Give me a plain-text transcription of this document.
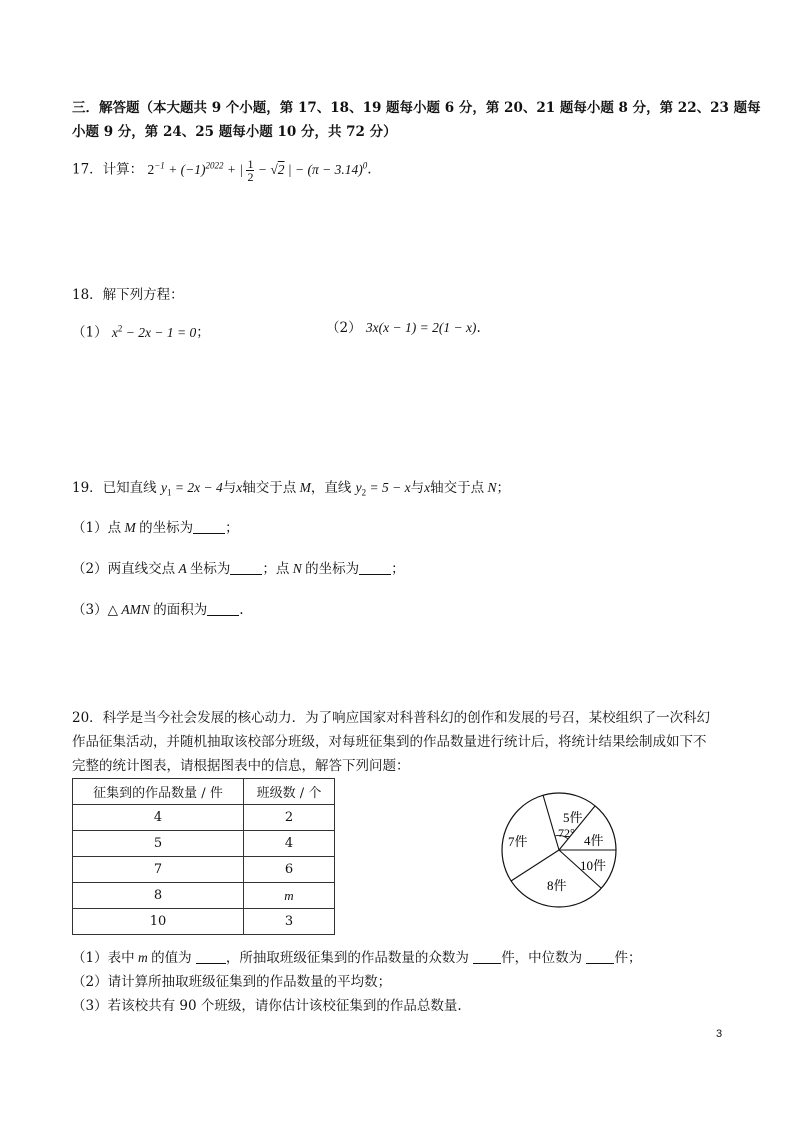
三．解答题（本大题共 9 个小题，第 17、18、19 题每小题 6 分，第 20、21 题每小题 8 分，第 22、23 题每
小题 9 分，第 24、25 题每小题 10 分，共 72 分）
17．计算： $2^{-1} + (-1)^{2022}$ + | $\frac{1}{2} - √2$ | − $(\pi - 3.14)^0$.
18．解下列方程：
（1） $x^2 - 2x - 1 = 0$；	（2） 3x(x − 1) = 2(1 − x).
19．已知直线 $y_1 = 2x - 4$与x轴交于点 M，直线 $y_2 = 5 - x$与x轴交于点 N；
（1）点 M 的坐标为 ；
（2）两直线交点 A 坐标为 ；点 N 的坐标为 ；
（3）△ AMN 的面积为 .
20．科学是当今社会发展的核心动力．为了响应国家对科普科幻的创作和发展的号召，某校组织了一次科幻
作品征集活动，并随机抽取该校部分班级，对每班征集到的作品数量进行统计后，将统计结果绘制成如下不
完整的统计图表，请根据图表中的信息，解答下列问题：
征集到的作品数量 / 件	班级数 / 个
4	2
5	4
7	6
8	m
10	3
5件
4件
10件
8件
7件
72°
（1）表中 m 的值为	，所抽取班级征集到的作品数量的众数为 件，中位数为 件；
（2）请计算所抽取班级征集到的作品数量的平均数；
（3）若该校共有 90 个班级，请你估计该校征集到的作品总数量.
3
